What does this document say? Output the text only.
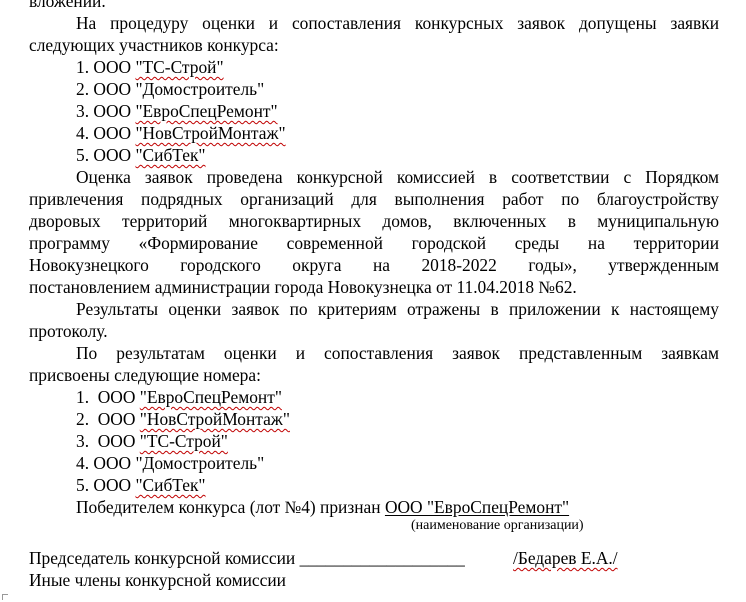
вложении.
На процедуру оценки и сопоставления конкурсных заявок допущены заявки
следующих участников конкурса:
1. ООО "ТС-Строй"
2. ООО "Домостроитель"
3. ООО "ЕвроСпецРемонт"
4. ООО "НовСтройМонтаж"
5. ООО "СибТек"
Оценка заявок проведена конкурсной комиссией в соответствии с Порядком
привлечения подрядных организаций для выполнения работ по благоустройству
дворовых территорий многоквартирных домов, включенных в муниципальную
программу «Формирование современной городской среды на территории
Новокузнецкого городского округа на 2018-2022 годы», утвержденным
постановлением администрации города Новокузнецка от 11.04.2018 №62.
Результаты оценки заявок по критериям отражены в приложении к настоящему
протоколу.
По результатам оценки и сопоставления заявок представленным заявкам
присвоены следующие номера:
1. ООО "ЕвроСпецРемонт"
2. ООО "НовСтройМонтаж"
3. ООО "ТС-Строй"
4. ООО "Домостроитель"
5. ООО "СибТек"
Победителем конкурса (лот №4) признан ООО "ЕвроСпецРемонт"
(наименование организации)
Председатель конкурсной комиссии ___________________	/Бедарев Е.А./
Иные члены конкурсной комиссии
